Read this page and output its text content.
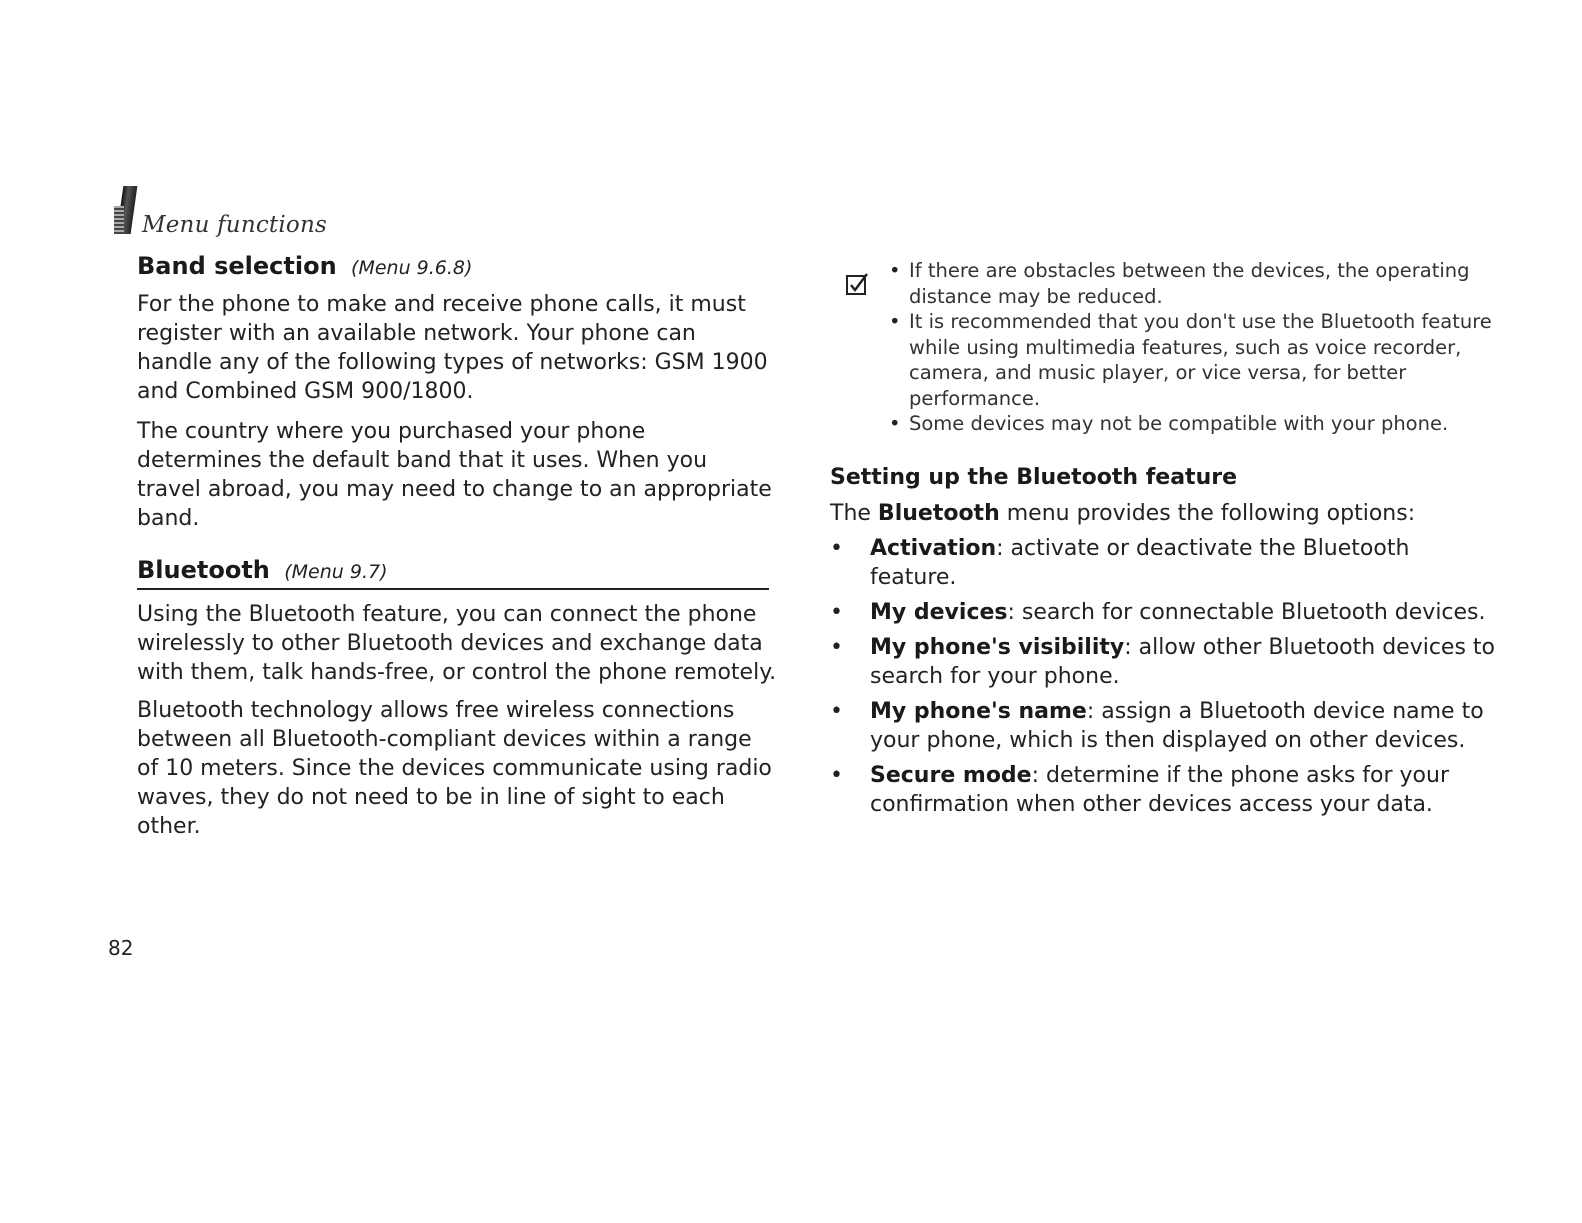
Menu functions
Band selection (Menu 9.6.8)

For the phone to make and receive phone calls, it must register with an available network. Your phone can handle any of the following types of networks: GSM 1900 and Combined GSM 900/1800.

The country where you purchased your phone determines the default band that it uses. When you travel abroad, you may need to change to an appropriate band.

Bluetooth (Menu 9.7)

Using the Bluetooth feature, you can connect the phone wirelessly to other Bluetooth devices and exchange data with them, talk hands-free, or control the phone remotely.

Bluetooth technology allows free wireless connections between all Bluetooth-compliant devices within a range of 10 meters. Since the devices communicate using radio waves, they do not need to be in line of sight to each other.

82
• If there are obstacles between the devices, the operating distance may be reduced.
• It is recommended that you don't use the Bluetooth feature while using multimedia features, such as voice recorder, camera, and music player, or vice versa, for better performance.
• Some devices may not be compatible with your phone.
Setting up the Bluetooth feature

The Bluetooth menu provides the following options:

• Activation: activate or deactivate the Bluetooth feature.
• My devices: search for connectable Bluetooth devices.
• My phone's visibility: allow other Bluetooth devices to search for your phone.
• My phone's name: assign a Bluetooth device name to your phone, which is then displayed on other devices.
• Secure mode: determine if the phone asks for your confirmation when other devices access your data.
